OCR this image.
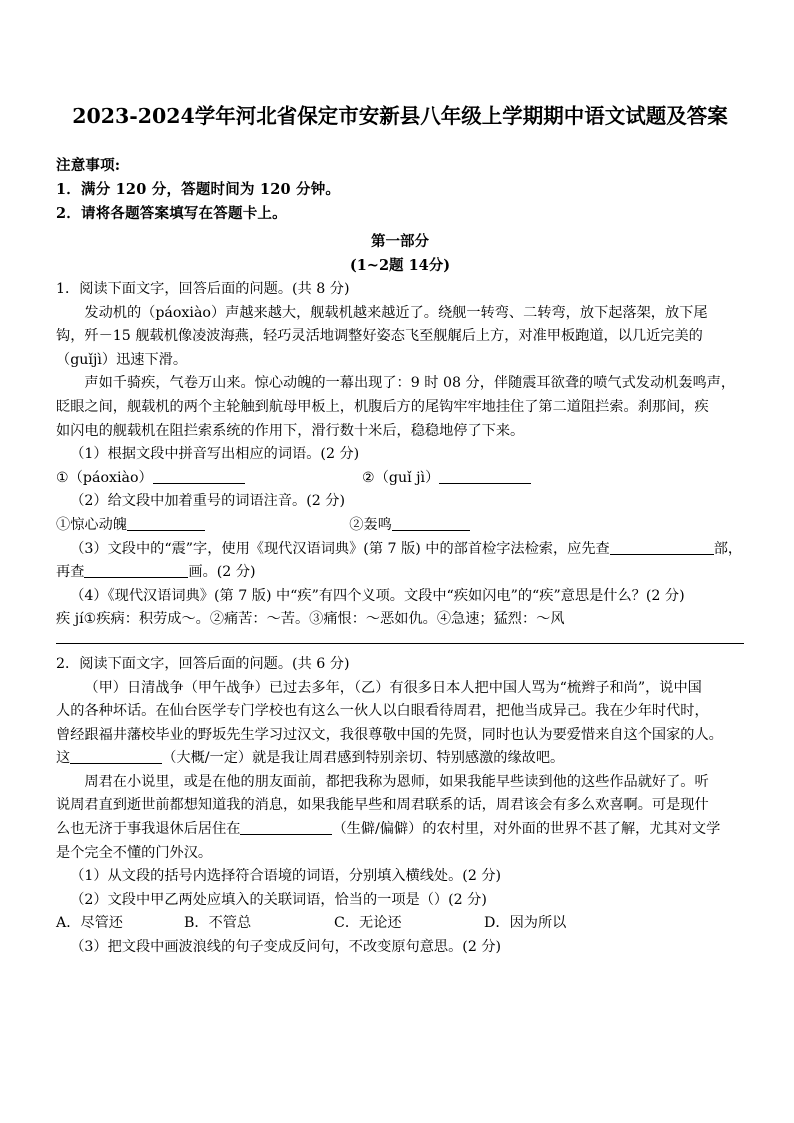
2023-2024学年河北省保定市安新县八年级上学期期中语文试题及答案

注意事项:

1．满分 120 分，答题时间为 120 分钟。

2．请将各题答案填写在答题卡上。

第一部分

(1~2题 14分)

1．阅读下面文字，回答后面的问题。(共 8 分)

发动机的（páoxiào）声越来越大，舰载机越来越近了。绕舰一转弯、二转弯，放下起落架，放下尾

钩，歼－15 舰载机像凌波海燕，轻巧灵活地调整好姿态飞至舰艉后上方，对准甲板跑道，以几近完美的

（guǐjì）迅速下滑。

声如千骑疾，气卷万山来。惊心动魄的一幕出现了：9 时 08 分，伴随震耳欲聋的喷气式发动机轰鸣声，

眨眼之间，舰载机的两个主轮触到航母甲板上，机腹后方的尾钩牢牢地挂住了第二道阻拦索。刹那间，疾

如闪电的舰载机在阻拦索系统的作用下，滑行数十米后，稳稳地停了下来。

（1）根据文段中拼音写出相应的词语。(2 分)

①（páoxiào）	②（guǐ jì）

（2）给文段中加着重号的词语注音。(2 分)

①惊心动魄	②轰鸣

（3）文段中的“震”字，使用《现代汉语词典》(第 7 版) 中的部首检字法检索，应先查	部，

再查	画。(2 分)

（4）《现代汉语词典》(第 7 版) 中“疾”有四个义项。文段中“疾如闪电”的“疾”意思是什么？(2 分)

疾 jí①疾病：积劳成～。②痛苦：～苦。③痛恨：～恶如仇。④急速；猛烈：～风

2．阅读下面文字，回答后面的问题。(共 6 分)

（甲）日清战争（甲午战争）已过去多年，（乙）有很多日本人把中国人骂为“梳辫子和尚”，说中国

人的各种坏话。在仙台医学专门学校也有这么一伙人以白眼看待周君，把他当成异己。我在少年时代时，

曾经跟福井藩校毕业的野坂先生学习过汉文，我很尊敬中国的先贤，同时也认为要爱惜来自这个国家的人。

这	（大概/一定）就是我让周君感到特别亲切、特别感激的缘故吧。

周君在小说里，或是在他的朋友面前，都把我称为恩师，如果我能早些读到他的这些作品就好了。听

说周君直到逝世前都想知道我的消息，如果我能早些和周君联系的话，周君该会有多么欢喜啊。可是现什

么也无济于事我退休后居住在	（生僻/偏僻）的农村里，对外面的世界不甚了解，尤其对文学

是个完全不懂的门外汉。

（1）从文段的括号内选择符合语境的词语，分别填入横线处。(2 分)

（2）文段中甲乙两处应填入的关联词语，恰当的一项是（）(2 分)

A．尽管还	B．不管总	C．无论还	D．因为所以

（3）把文段中画波浪线的句子变成反问句，不改变原句意思。(2 分)
